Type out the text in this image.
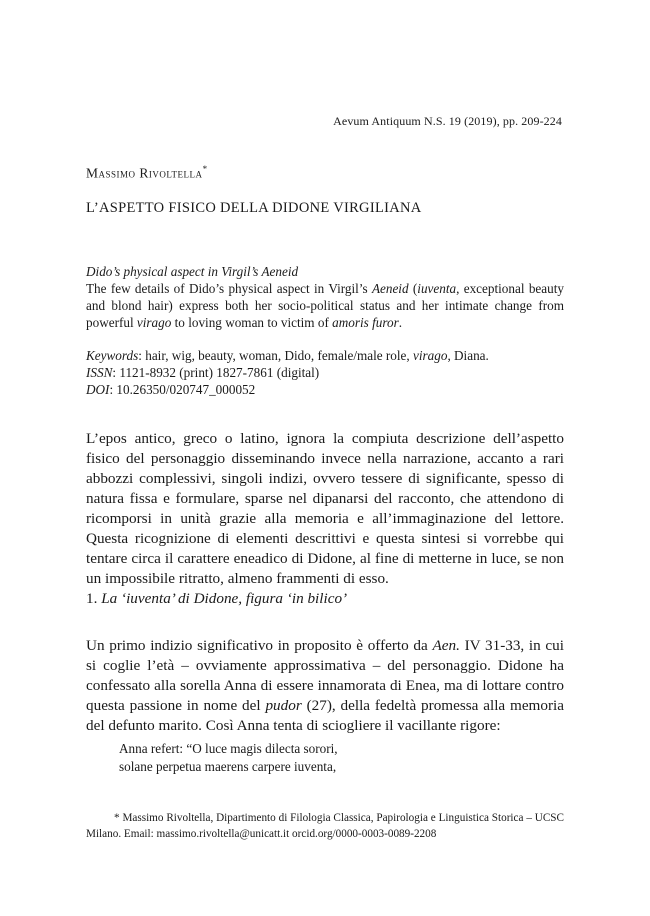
Aevum Antiquum N.S. 19 (2019), pp. 209-224
Massimo Rivoltella*
L’ASPETTO FISICO DELLA DIDONE VIRGILIANA

Dido’s physical aspect in Virgil’s Aeneid

The few details of Dido’s physical aspect in Virgil’s Aeneid (iuventa, exceptional beauty and blond hair) express both her socio-political status and her intimate change from powerful virago to loving woman to victim of amoris furor.

Keywords: hair, wig, beauty, woman, Dido, female/male role, virago, Diana.
ISSN: 1121-8932 (print) 1827-7861 (digital)
DOI: 10.26350/020747_000052

L’epos antico, greco o latino, ignora la compiuta descrizione dell’aspetto fisico del personaggio disseminando invece nella narrazione, accanto a rari abbozzi complessivi, singoli indizi, ovvero tessere di significante, spesso di natura fissa e formulare, sparse nel dipanarsi del racconto, che attendono di ricomporsi in unità grazie alla memoria e all’immaginazione del lettore. Questa ricognizione di elementi descrittivi e questa sintesi si vorrebbe qui tentare circa il carattere eneadico di Didone, al fine di metterne in luce, se non un impossibile ritratto, almeno frammenti di esso.

1. La ‘iuventa’ di Didone, figura ‘in bilico’

Un primo indizio significativo in proposito è offerto da Aen. IV 31-33, in cui si coglie l’età – ovviamente approssimativa – del personaggio. Didone ha confessato alla sorella Anna di essere innamorata di Enea, ma di lottare contro questa passione in nome del pudor (27), della fedeltà promessa alla memoria del defunto marito. Così Anna tenta di sciogliere il vacillante rigore:

Anna refert: “O luce magis dilecta sorori,
solane perpetua maerens carpere iuventa,
* Massimo Rivoltella, Dipartimento di Filologia Classica, Papirologia e Linguistica Storica – UCSC Milano. Email: massimo.rivoltella@unicatt.it orcid.org/0000-0003-0089-2208
